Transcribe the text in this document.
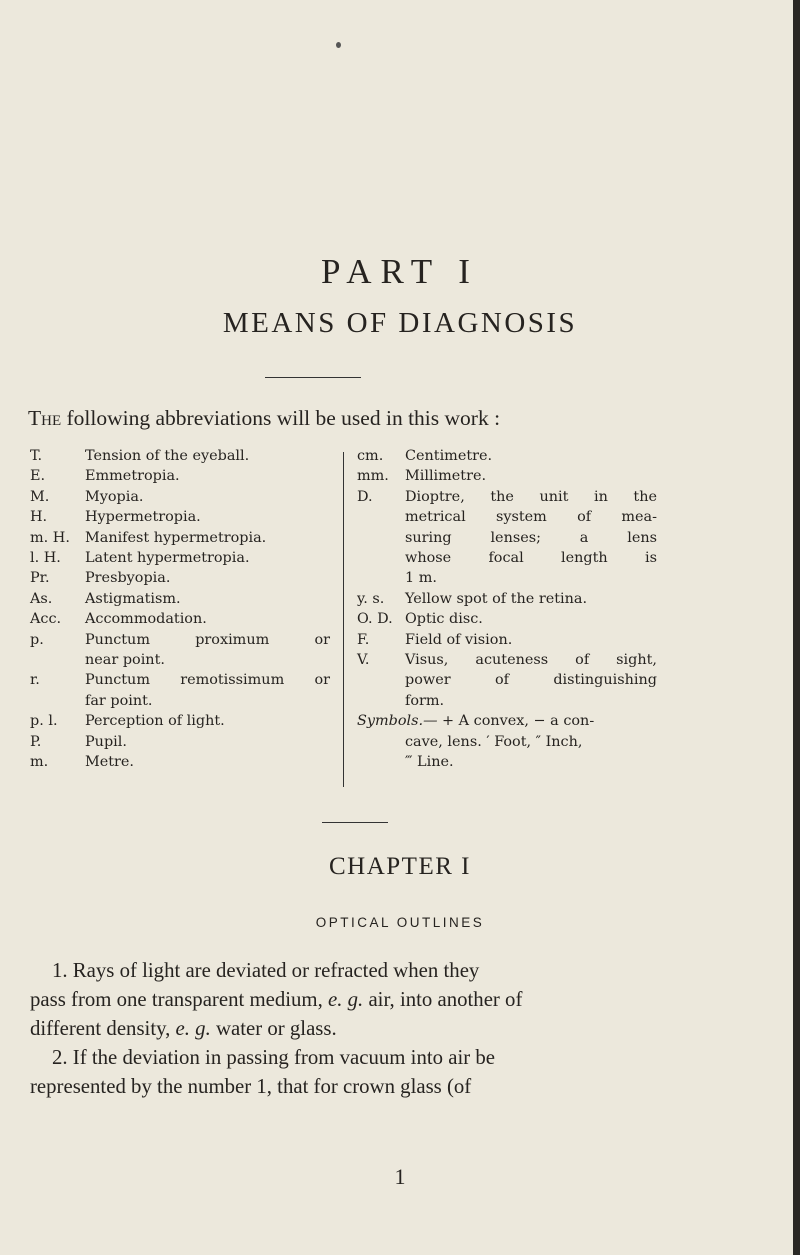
PART I
MEANS OF DIAGNOSIS
The following abbreviations will be used in this work :
T.	Tension of the eyeball.
E.	Emmetropia.
M.	Myopia.
H.	Hypermetropia.
m. H.	Manifest hypermetropia.
l. H.	Latent hypermetropia.
Pr.	Presbyopia.
As.	Astigmatism.
Acc.	Accommodation.
p.	Punctum proximum or
near point.
r.	Punctum remotissimum or
far point.
p. l.	Perception of light.
P.	Pupil.
m.	Metre.
cm.	Centimetre.
mm.	Millimetre.
D.	Dioptre, the unit in the
metrical system of mea-
suring lenses; a lens
whose focal length is
1 m.
y. s.	Yellow spot of the retina.
O. D. Optic disc.
F.	Field of vision.
V.	Visus, acuteness of sight,
power of distinguishing
form.
Symbols.— + A convex, − a con-
cave, lens. ′ Foot, ″ Inch,
‴ Line.
CHAPTER I
OPTICAL OUTLINES
1. Rays of light are deviated or refracted when they
pass from one transparent medium, e. g. air, into another of
different density, e. g. water or glass.
2. If the deviation in passing from vacuum into air be
represented by the number 1, that for crown glass (of
1
